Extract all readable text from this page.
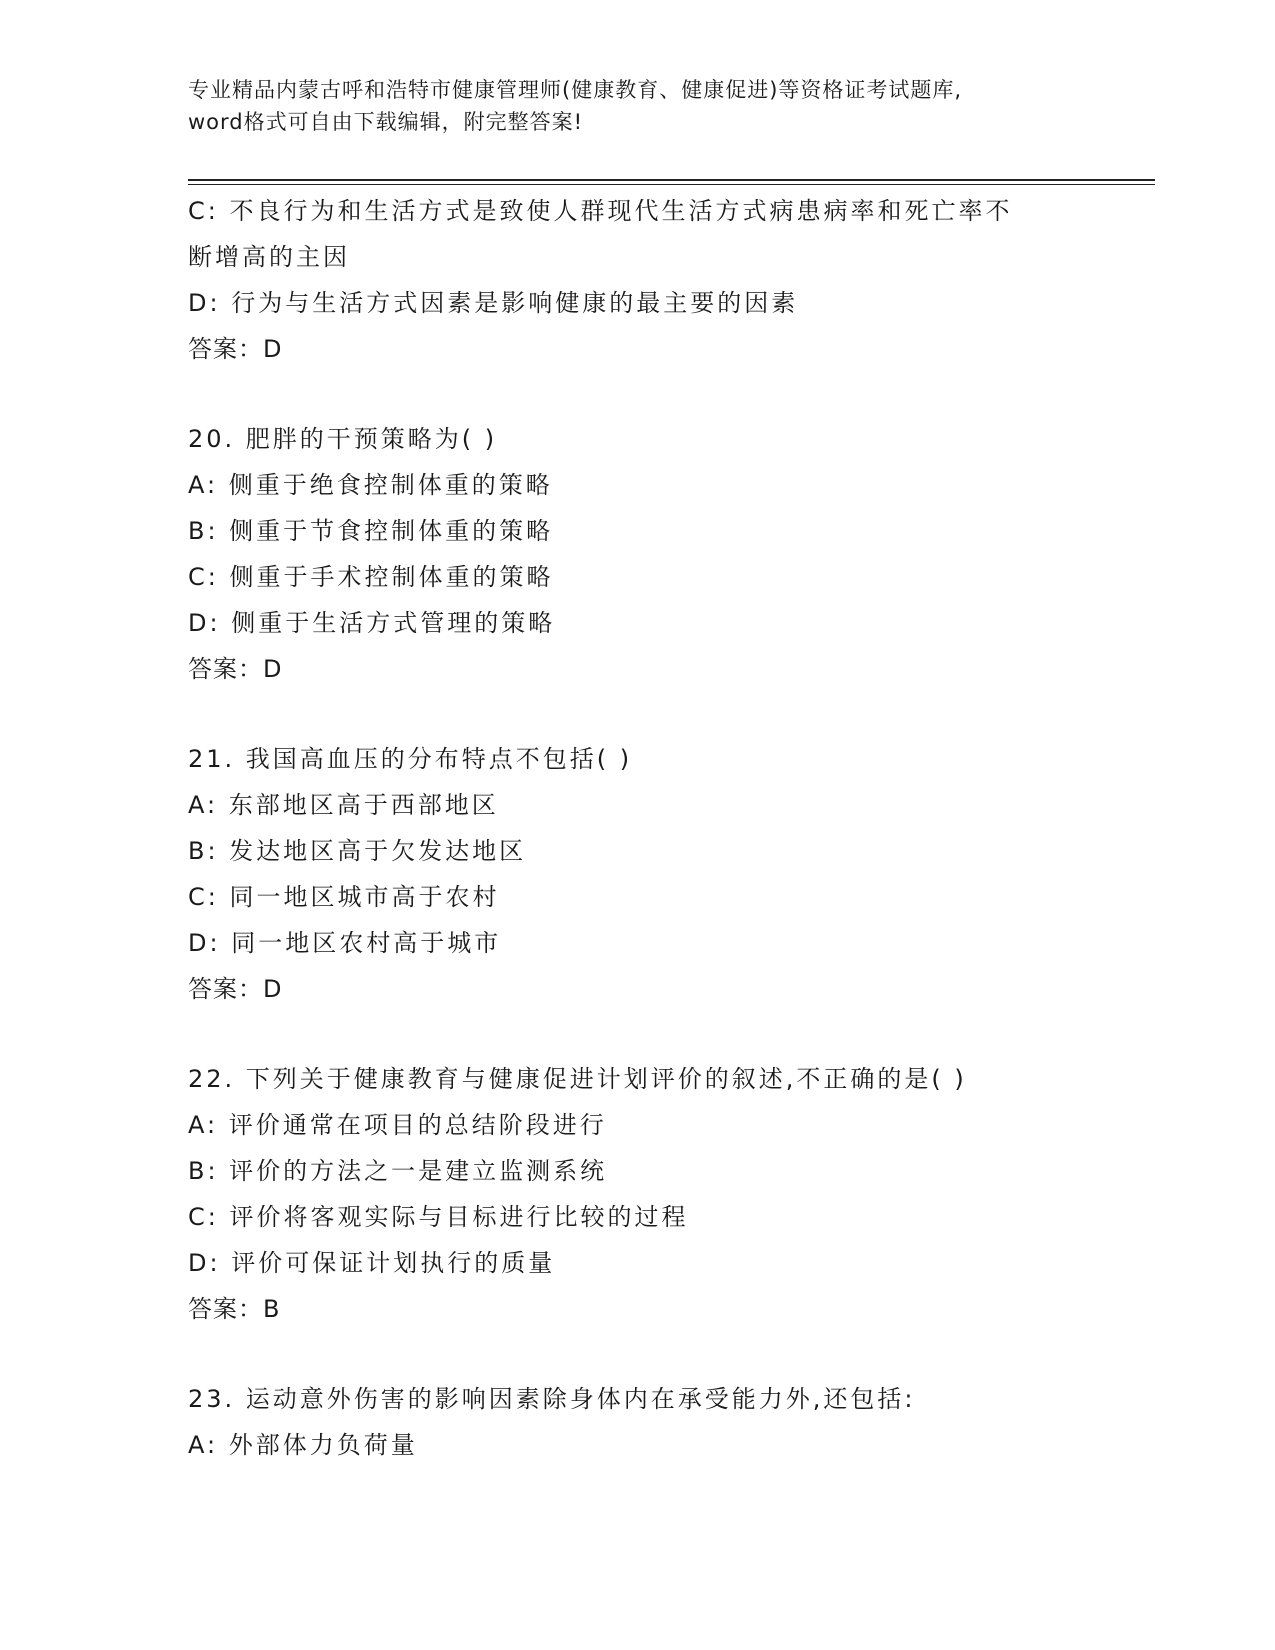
专业精品内蒙古呼和浩特市健康管理师(健康教育、健康促进)等资格证考试题库,
word格式可自由下载编辑，附完整答案!
C: 不良行为和生活方式是致使人群现代生活方式病患病率和死亡率不
断增高的主因
D: 行为与生活方式因素是影响健康的最主要的因素
答案：D
20. 肥胖的干预策略为( )
A: 侧重于绝食控制体重的策略
B: 侧重于节食控制体重的策略
C: 侧重于手术控制体重的策略
D: 侧重于生活方式管理的策略
答案：D
21. 我国高血压的分布特点不包括( )
A: 东部地区高于西部地区
B: 发达地区高于欠发达地区
C: 同一地区城市高于农村
D: 同一地区农村高于城市
答案：D
22. 下列关于健康教育与健康促进计划评价的叙述,不正确的是( )
A: 评价通常在项目的总结阶段进行
B: 评价的方法之一是建立监测系统
C: 评价将客观实际与目标进行比较的过程
D: 评价可保证计划执行的质量
答案：B
23. 运动意外伤害的影响因素除身体内在承受能力外,还包括:
A: 外部体力负荷量
